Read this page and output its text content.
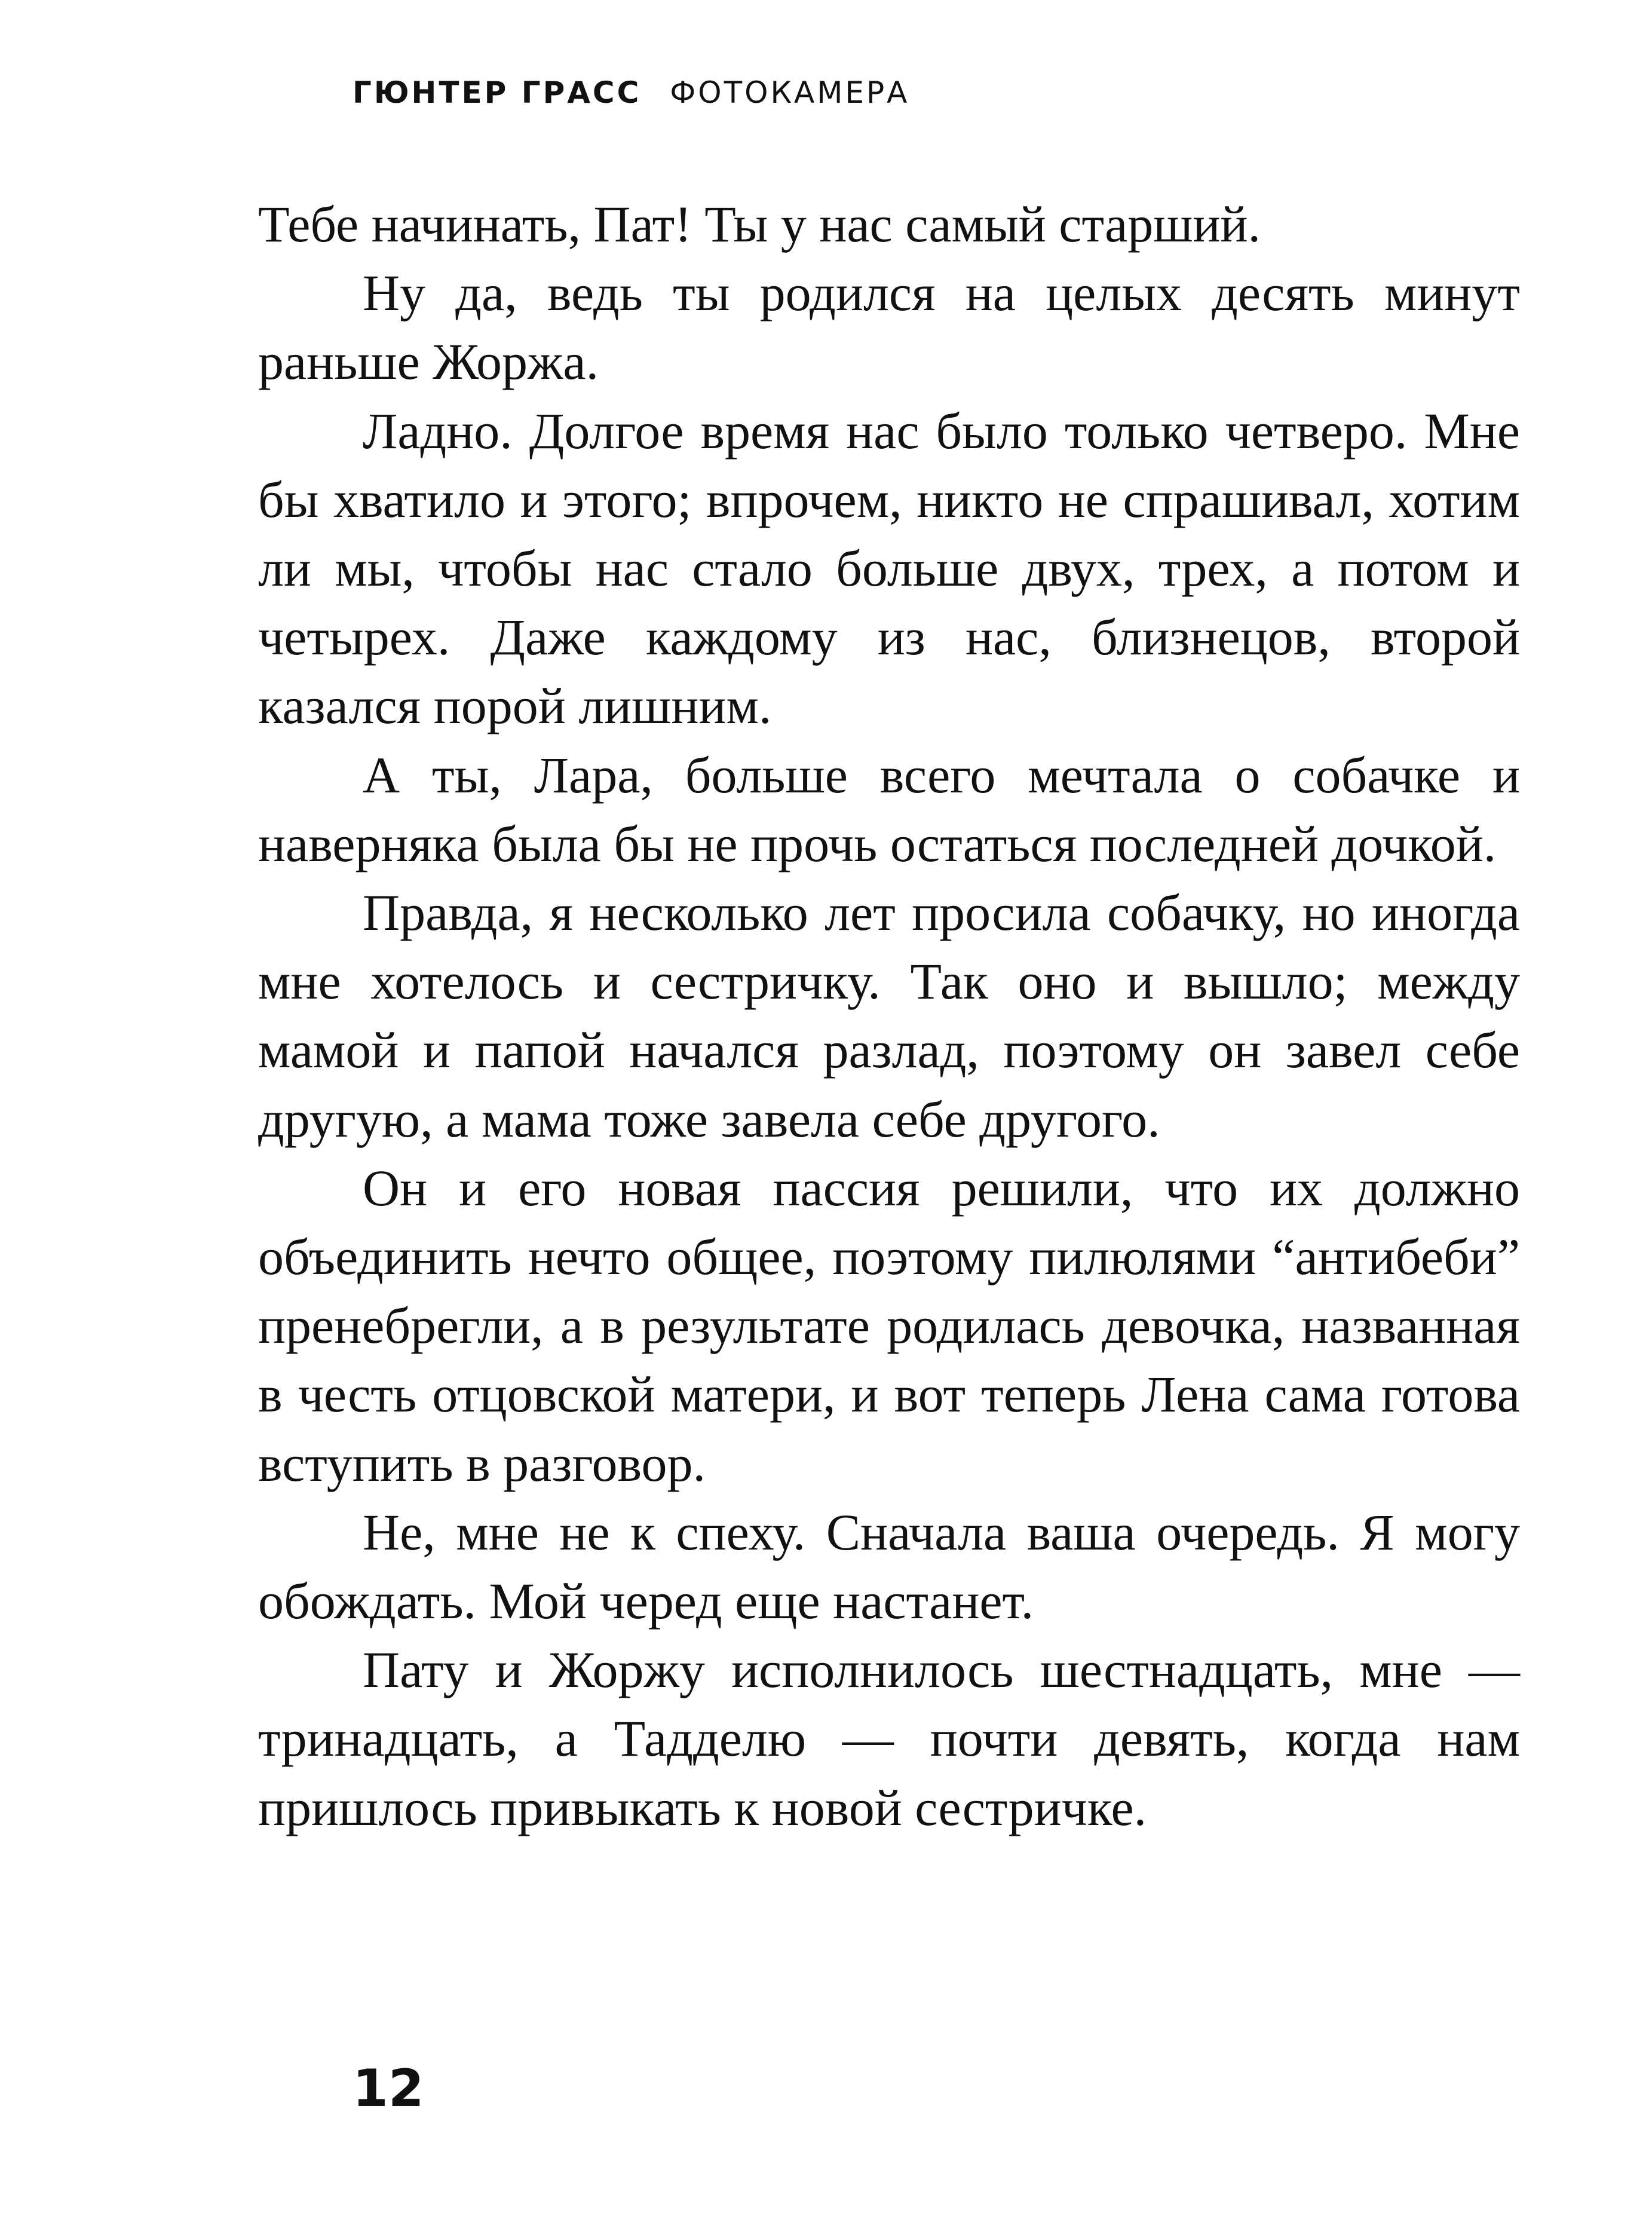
ГЮНТЕР ГРАСС ФОТОКАМЕРА

Тебе начинать, Пат! Ты у нас самый старший.

Ну да, ведь ты родился на целых десять минут раньше Жоржа.

Ладно. Долгое время нас было только четверо. Мне бы хватило и этого; впрочем, никто не спрашивал, хотим ли мы, чтобы нас стало больше двух, трех, а потом и четырех. Даже каждому из нас, близнецов, второй казался порой лишним.

А ты, Лара, больше всего мечтала о собачке и наверняка была бы не прочь остаться последней дочкой.

Правда, я несколько лет просила собачку, но иногда мне хотелось и сестричку. Так оно и вышло; между мамой и папой начался разлад, поэтому он завел себе другую, а мама тоже завела себе другого.

Он и его новая пассия решили, что их должно объединить нечто общее, поэтому пилюлями “антибеби” пренебрегли, а в результате родилась девочка, названная в честь отцовской матери, и вот теперь Лена сама готова вступить в разговор.

Не, мне не к спеху. Сначала ваша очередь. Я могу обождать. Мой черед еще настанет.

Пату и Жоржу исполнилось шестнадцать, мне — тринадцать, а Тадделю — почти девять, когда нам пришлось привыкать к новой сестричке.

12
